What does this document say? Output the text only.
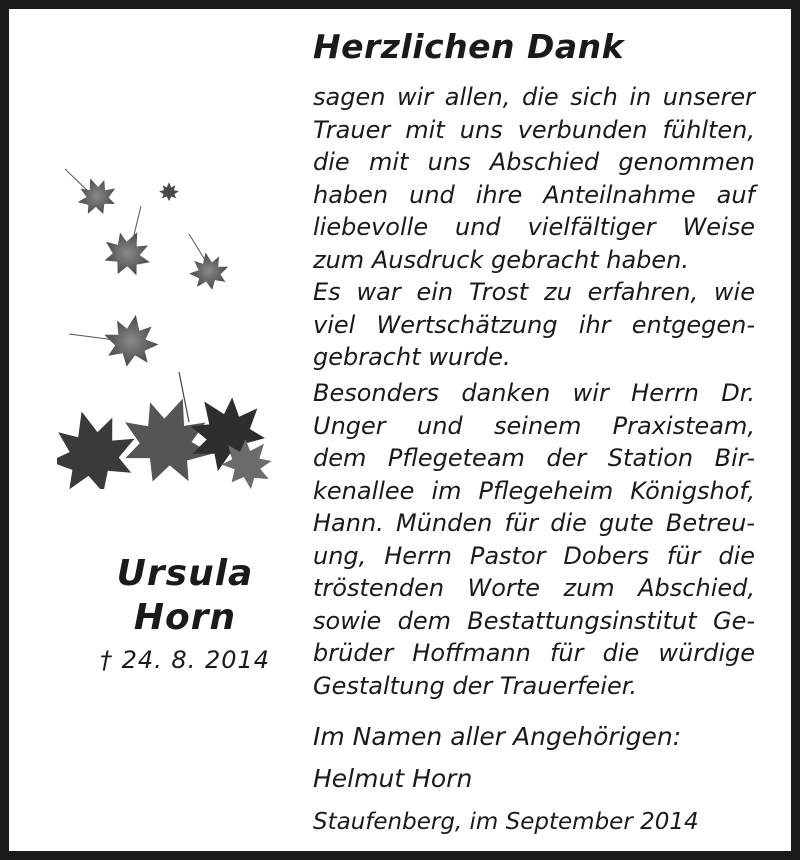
Ursula
Horn
† 24. 8. 2014
Herzlichen Dank

sagen wir allen, die sich in unserer
Trauer mit uns verbunden fühlten,
die mit uns Abschied genommen
haben und ihre Anteilnahme auf
liebevolle und vielfältiger Weise
zum Ausdruck gebracht haben.
Es war ein Trost zu erfahren, wie
viel Wertschätzung ihr entgegen-
gebracht wurde.

Besonders danken wir Herrn Dr.
Unger und seinem Praxisteam,
dem Pflegeteam der Station Bir-
kenallee im Pflegeheim Königshof,
Hann. Münden für die gute Betreu-
ung, Herrn Pastor Dobers für die
tröstenden Worte zum Abschied,
sowie dem Bestattungsinstitut Ge-
brüder Hoffmann für die würdige
Gestaltung der Trauerfeier.

Im Namen aller Angehörigen:

Helmut Horn

Staufenberg, im September 2014
